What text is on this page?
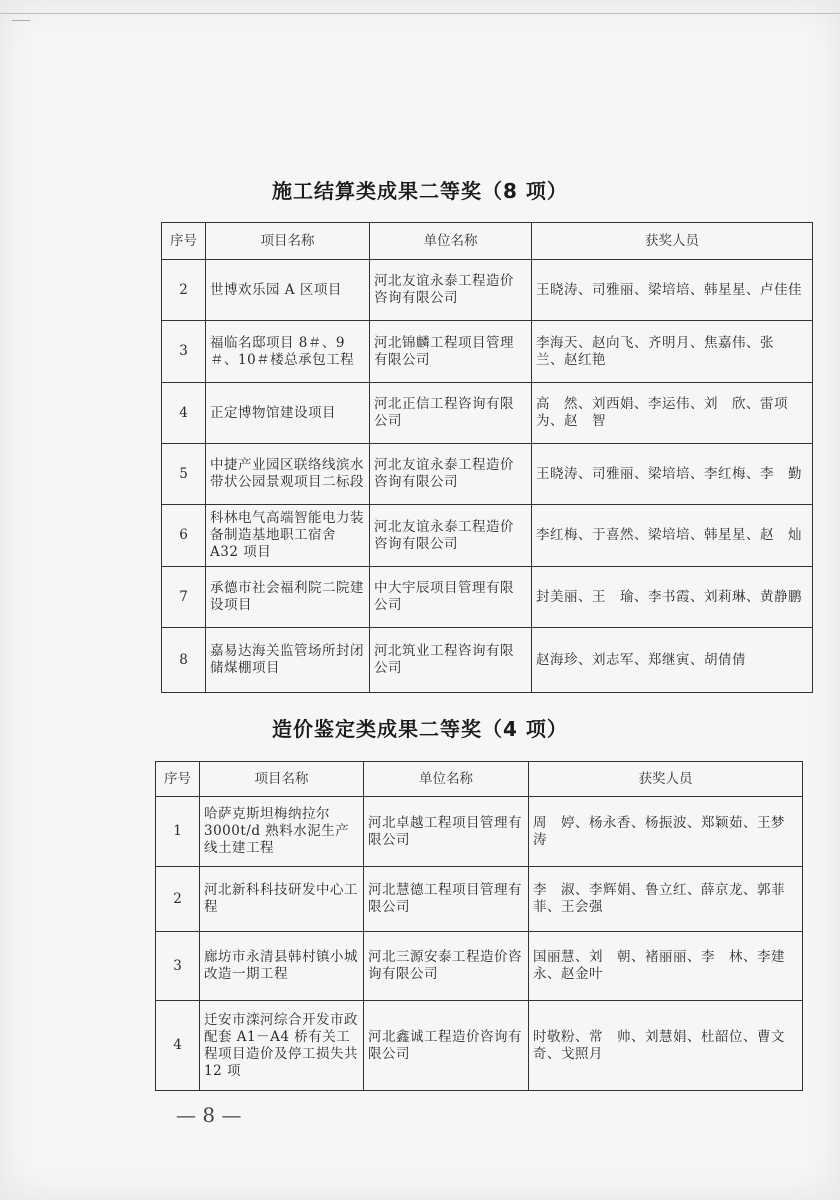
施工结算类成果二等奖（8 项）
序号	项目名称	单位名称	获奖人员
2	世博欢乐园 A 区项目	河北友谊永泰工程造价咨询有限公司	王晓涛、司雅丽、梁培培、韩星星、卢佳佳
3	福临名邸项目 8＃、9＃、10＃楼总承包工程	河北锦麟工程项目管理有限公司	李海天、赵向飞、齐明月、焦嘉伟、张　兰、赵红艳
4	正定博物馆建设项目	河北正信工程咨询有限公司	高　然、刘西娟、李运伟、刘　欣、雷项为、赵　智
5	中捷产业园区联络线滨水带状公园景观项目二标段	河北友谊永泰工程造价咨询有限公司	王晓涛、司雅丽、梁培培、李红梅、李　勤
6	科林电气高端智能电力装备制造基地职工宿舍 A32 项目	河北友谊永泰工程造价咨询有限公司	李红梅、于喜然、梁培培、韩星星、赵　灿
7	承德市社会福利院二院建设项目	中大宇辰项目管理有限公司	封美丽、王　瑜、李书霞、刘莉琳、黄静鹏
8	嘉易达海关监管场所封闭储煤棚项目	河北筑业工程咨询有限公司	赵海珍、刘志军、郑继寅、胡倩倩
造价鉴定类成果二等奖（4 项）
序号	项目名称	单位名称	获奖人员
1	哈萨克斯坦梅纳拉尔 3000t/d 熟料水泥生产线土建工程	河北卓越工程项目管理有限公司	周　婷、杨永香、杨振波、郑颖茹、王梦涛
2	河北新科科技研发中心工程	河北慧德工程项目管理有限公司	李　淑、李辉娟、鲁立红、薛京龙、郭菲菲、王会强
3	廊坊市永清县韩村镇小城改造一期工程	河北三源安泰工程造价咨询有限公司	国丽慧、刘　朝、褚丽丽、李　林、李建永、赵金叶
4	迁安市滦河综合开发市政配套 A1－A4 桥有关工程项目造价及停工损失共 12 项	河北鑫诚工程造价咨询有限公司	时敬粉、常　帅、刘慧娟、杜韶位、曹文奇、戈照月
— 8 —
